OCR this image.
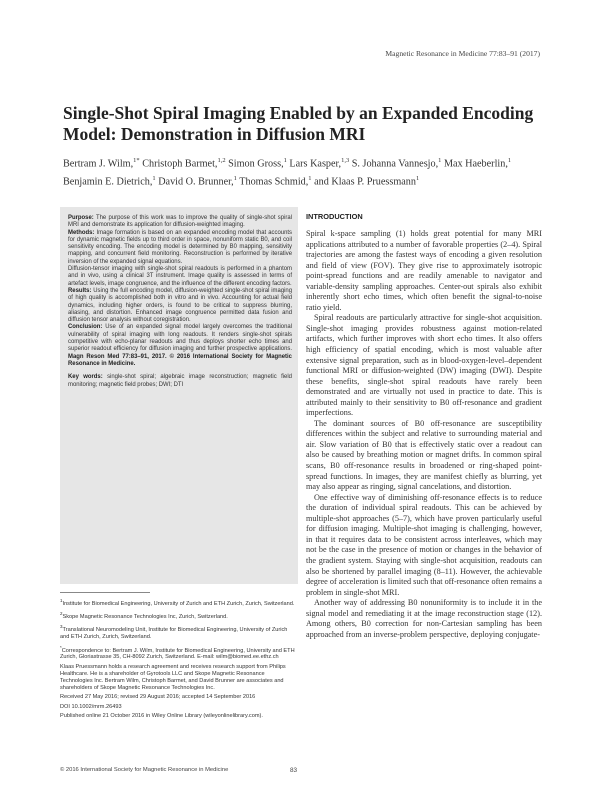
Magnetic Resonance in Medicine 77:83–91 (2017)
Single-Shot Spiral Imaging Enabled by an Expanded Encoding Model: Demonstration in Diffusion MRI
Bertram J. Wilm,$^{1*}$ Christoph Barmet,$^{1,2}$ Simon Gross,$^1$ Lars Kasper,$^{1,3}$ S. Johanna Vannesjo,$^1$ Max Haeberlin,$^1$ Benjamin E. Dietrich,$^1$ David O. Brunner,$^1$ Thomas Schmid,$^1$ and Klaas P. Pruessmann$^1$

Purpose: The purpose of this work was to improve the quality of single-shot spiral MRI and demonstrate its application for diffusion-weighted imaging.

Methods: Image formation is based on an expanded encoding model that accounts for dynamic magnetic fields up to third order in space, nonuniform static B0, and coil sensitivity encoding. The encoding model is determined by B0 mapping, sensitivity mapping, and concurrent field monitoring. Reconstruction is performed by iterative inversion of the expanded signal equations.

Diffusion-tensor imaging with single-shot spiral readouts is performed in a phantom and in vivo, using a clinical 3T instrument. Image quality is assessed in terms of artefact levels, image congruence, and the influence of the different encoding factors.

Results: Using the full encoding model, diffusion-weighted single-shot spiral imaging of high quality is accomplished both in vitro and in vivo. Accounting for actual field dynamics, including higher orders, is found to be critical to suppress blurring, aliasing, and distortion. Enhanced image congruence permitted data fusion and diffusion tensor analysis without coregistration.

Conclusion: Use of an expanded signal model largely overcomes the traditional vulnerability of spiral imaging with long readouts. It renders single-shot spirals competitive with echo-planar readouts and thus deploys shorter echo times and superior readout efficiency for diffusion imaging and further prospective applications. Magn Reson Med 77:83–91, 2017. © 2016 International Society for Magnetic Resonance in Medicine.

Key words: single-shot spiral; algebraic image reconstruction; magnetic field monitoring; magnetic field probes; DWI; DTI

$^1$Institute for Biomedical Engineering, University of Zurich and ETH Zurich, Zurich, Switzerland.

$^2$Skope Magnetic Resonance Technologies Inc, Zurich, Switzerland.

$^3$Translational Neuromodeling Unit, Institute for Biomedical Engineering, University of Zurich and ETH Zurich, Zurich, Switzerland.

*Correspondence to: Bertram J. Wilm, Institute for Biomedical Engineering, University and ETH Zurich, Gloriastrasse 35, CH-8092 Zurich, Switzerland. E-mail: wilm@biomed.ee.ethz.ch

Klaas Pruessmann holds a research agreement and receives research support from Philips Healthcare. He is a shareholder of Gyrotools LLC and Skope Magnetic Resonance Technologies Inc. Bertram Wilm, Christoph Barmet, and David Brunner are associates and shareholders of Skope Magnetic Resonance Technologies Inc.

Received 27 May 2016; revised 29 August 2016; accepted 14 September 2016

DOI 10.1002/mrm.26493

Published online 21 October 2016 in Wiley Online Library (wileyonlinelibrary.com).

© 2016 International Society for Magnetic Resonance in Medicine	83
INTRODUCTION

Spiral k-space sampling (1) holds great potential for many MRI applications attributed to a number of favorable properties (2–4). Spiral trajectories are among the fastest ways of encoding a given resolution and field of view (FOV). They give rise to approximately isotropic point-spread functions and are readily amenable to navigator and variable-density sampling approaches. Center-out spirals also exhibit inherently short echo times, which often benefit the signal-to-noise ratio yield.

Spiral readouts are particularly attractive for single-shot acquisition. Single-shot imaging provides robustness against motion-related artifacts, which further improves with short echo times. It also offers high efficiency of spatial encoding, which is most valuable after extensive signal preparation, such as in blood-oxygen-level–dependent functional MRI or diffusion-weighted (DW) imaging (DWI). Despite these benefits, single-shot spiral readouts have rarely been demonstrated and are virtually not used in practice to date. This is attributed mainly to their sensitivity to B0 off-resonance and gradient imperfections.

The dominant sources of B0 off-resonance are susceptibility differences within the subject and relative to surrounding material and air. Slow variation of B0 that is effectively static over a readout can also be caused by breathing motion or magnet drifts. In common spiral scans, B0 off-resonance results in broadened or ring-shaped point-spread functions. In images, they are manifest chiefly as blurring, yet may also appear as ringing, signal cancelations, and distortion.

One effective way of diminishing off-resonance effects is to reduce the duration of individual spiral readouts. This can be achieved by multiple-shot approaches (5–7), which have proven particularly useful for diffusion imaging. Multiple-shot imaging is challenging, however, in that it requires data to be consistent across interleaves, which may not be the case in the presence of motion or changes in the behavior of the gradient system. Staying with single-shot acquisition, readouts can also be shortened by parallel imaging (8–11). However, the achievable degree of acceleration is limited such that off-resonance often remains a problem in single-shot MRI.

Another way of addressing B0 nonuniformity is to include it in the signal model and remediating it at the image reconstruction stage (12). Among others, B0 correction for non-Cartesian sampling has been approached from an inverse-problem perspective, deploying conjugate-
